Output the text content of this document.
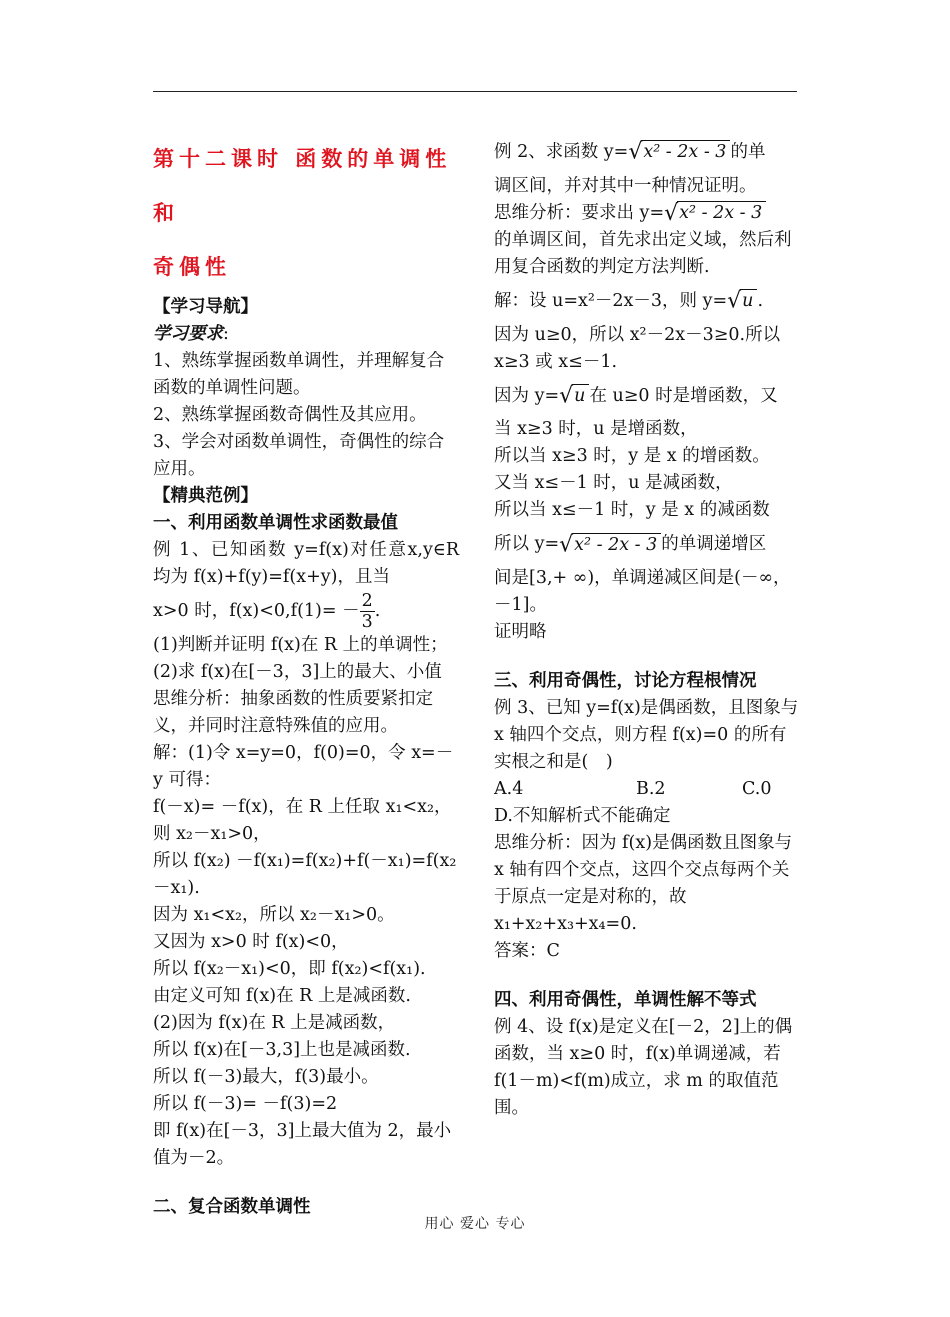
第十二课时 函数的单调性和
奇偶性
【学习导航】
学习要求:
1、熟练掌握函数单调性，并理解复合函数的单调性问题。
2、熟练掌握函数奇偶性及其应用。
3、学会对函数单调性，奇偶性的综合应用。
【精典范例】
一、利用函数单调性求函数最值
例 1、已知函数 y=f(x)对任意x,y∈R 均为 f(x)+f(y)=f(x+y)，且当
x>0 时，$f(x)<0,f(1)= - \frac{2}{3}$ .
(1)判断并证明 f(x)在 R 上的单调性；
(2)求 f(x)在[－3，3]上的最大、小值
思维分析：抽象函数的性质要紧扣定义，并同时注意特殊值的应用。
解：(1)令 x=y=0，f(0)=0，令 x=－y 可得：
f(－x)= －f(x)，在 R 上任取 x₁<x₂，则 x₂－x₁>0，
所以 f(x₂) －f(x₁)=f(x₂)+f(－x₁)=f(x₂－x₁).
因为 x₁<x₂，所以 x₂－x₁>0。
又因为 x>0 时 f(x)<0，
所以 f(x₂－x₁)<0，即 f(x₂)<f(x₁).
由定义可知 f(x)在 R 上是减函数.
(2)因为 f(x)在 R 上是减函数，
所以 f(x)在[－3,3]上也是减函数.
所以 f(－3)最大，f(3)最小。
所以 f(－3)= －f(3)=2
即 f(x)在[－3，3]上最大值为 2，最小值为－2。
二、复合函数单调性
例 2、求函数 y=√x² - 2x - 3 的单
调区间，并对其中一种情况证明。
思维分析：要求出 y=√x² - 2x - 3
的单调区间，首先求出定义域，然后利用复合函数的判定方法判断.
解：设 u=x²－2x－3，则 y=√u .
因为 u≥0，所以 x²－2x－3≥0.所以 x≥3 或 x≤－1.
因为 y=√u 在 u≥0 时是增函数，又
当 x≥3 时，u 是增函数，
所以当 x≥3 时，y 是 x 的增函数。
又当 x≤－1 时，u 是减函数，
所以当 x≤－1 时，y 是 x 的减函数
所以 y=√x² - 2x - 3 的单调递增区
间是[3,+ ∞)，单调递减区间是(－∞，－1]。
证明略
三、利用奇偶性，讨论方程根情况
例 3、已知 y=f(x)是偶函数，且图象与 x 轴四个交点，则方程 f(x)=0 的所有实根之和是(　)
A.4	B.2	C.0
D.不知解析式不能确定
思维分析：因为 f(x)是偶函数且图象与 x 轴有四个交点，这四个交点每两个关于原点一定是对称的，故 x₁+x₂+x₃+x₄=0.
答案：C
四、利用奇偶性，单调性解不等式
例 4、设 f(x)是定义在[－2，2]上的偶函数，当 x≥0 时，f(x)单调递减，若 f(1－m)<f(m)成立，求 m 的取值范围。
用心 爱心 专心
